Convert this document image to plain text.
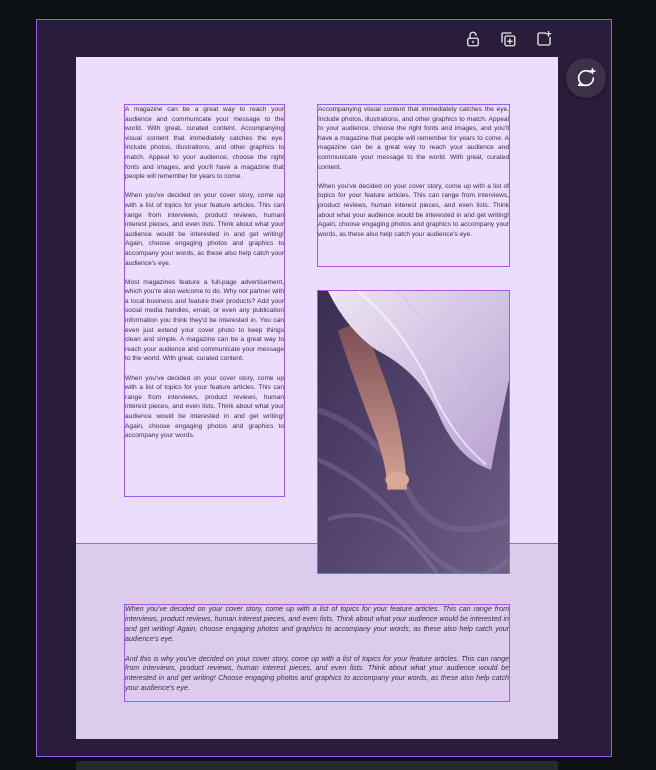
A magazine can be a great way to reach your audience and communicate your message to the world. With great, curated content. Accompanying visual content that immediately catches the eye. Include photos, illustrations, and other graphics to match. Appeal to your audience, choose the right fonts and images, and you'll have a magazine that people will remember for years to come.

When you've decided on your cover story, come up with a list of topics for your feature articles. This can range from interviews, product reviews, human interest pieces, and even lists. Think about what your audience would be interested in and get writing! Again, choose engaging photos and graphics to accompany your words, as these also help catch your audience's eye.

Most magazines feature a full-page advertisement, which you're also welcome to do. Why not partner with a local business and feature their products? Add your social media handles, email, or even any publication information you think they'd be interested in. You can even just extend your cover photo to keep things clean and simple. A magazine can be a great way to reach your audience and communicate your message to the world. With great, curated content.

When you've decided on your cover story, come up with a list of topics for your feature articles. This can range from interviews, product reviews, human interest pieces, and even lists. Think about what your audience would be interested in and get writing! Again, choose engaging photos and graphics to accompany your words.

Accompanying visual content that immediately catches the eye. Include photos, illustrations, and other graphics to match. Appeal to your audience, choose the right fonts and images, and you'll have a magazine that people will remember for years to come. A magazine can be a great way to reach your audience and communicate your message to the world. With great, curated content.

When you've decided on your cover story, come up with a list of topics for your feature articles. This can range from interviews, product reviews, human interest pieces, and even lists. Think about what your audience would be interested in and get writing! Again, choose engaging photos and graphics to accompany your words, as these also help catch your audience's eye.

When you've decided on your cover story, come up with a list of topics for your feature articles. This can range from interviews, product reviews, human interest pieces, and even lists. Think about what your audience would be interested in and get writing! Again, choose engaging photos and graphics to accompany your words, as these also help catch your audience's eye.

And this is why you've decided on your cover story, come up with a list of topics for your feature articles. This can range from interviews, product reviews, human interest pieces, and even lists. Think about what your audience would be interested in and get writing! Choose engaging photos and graphics to accompany your words, as these also help catch your audience's eye.
